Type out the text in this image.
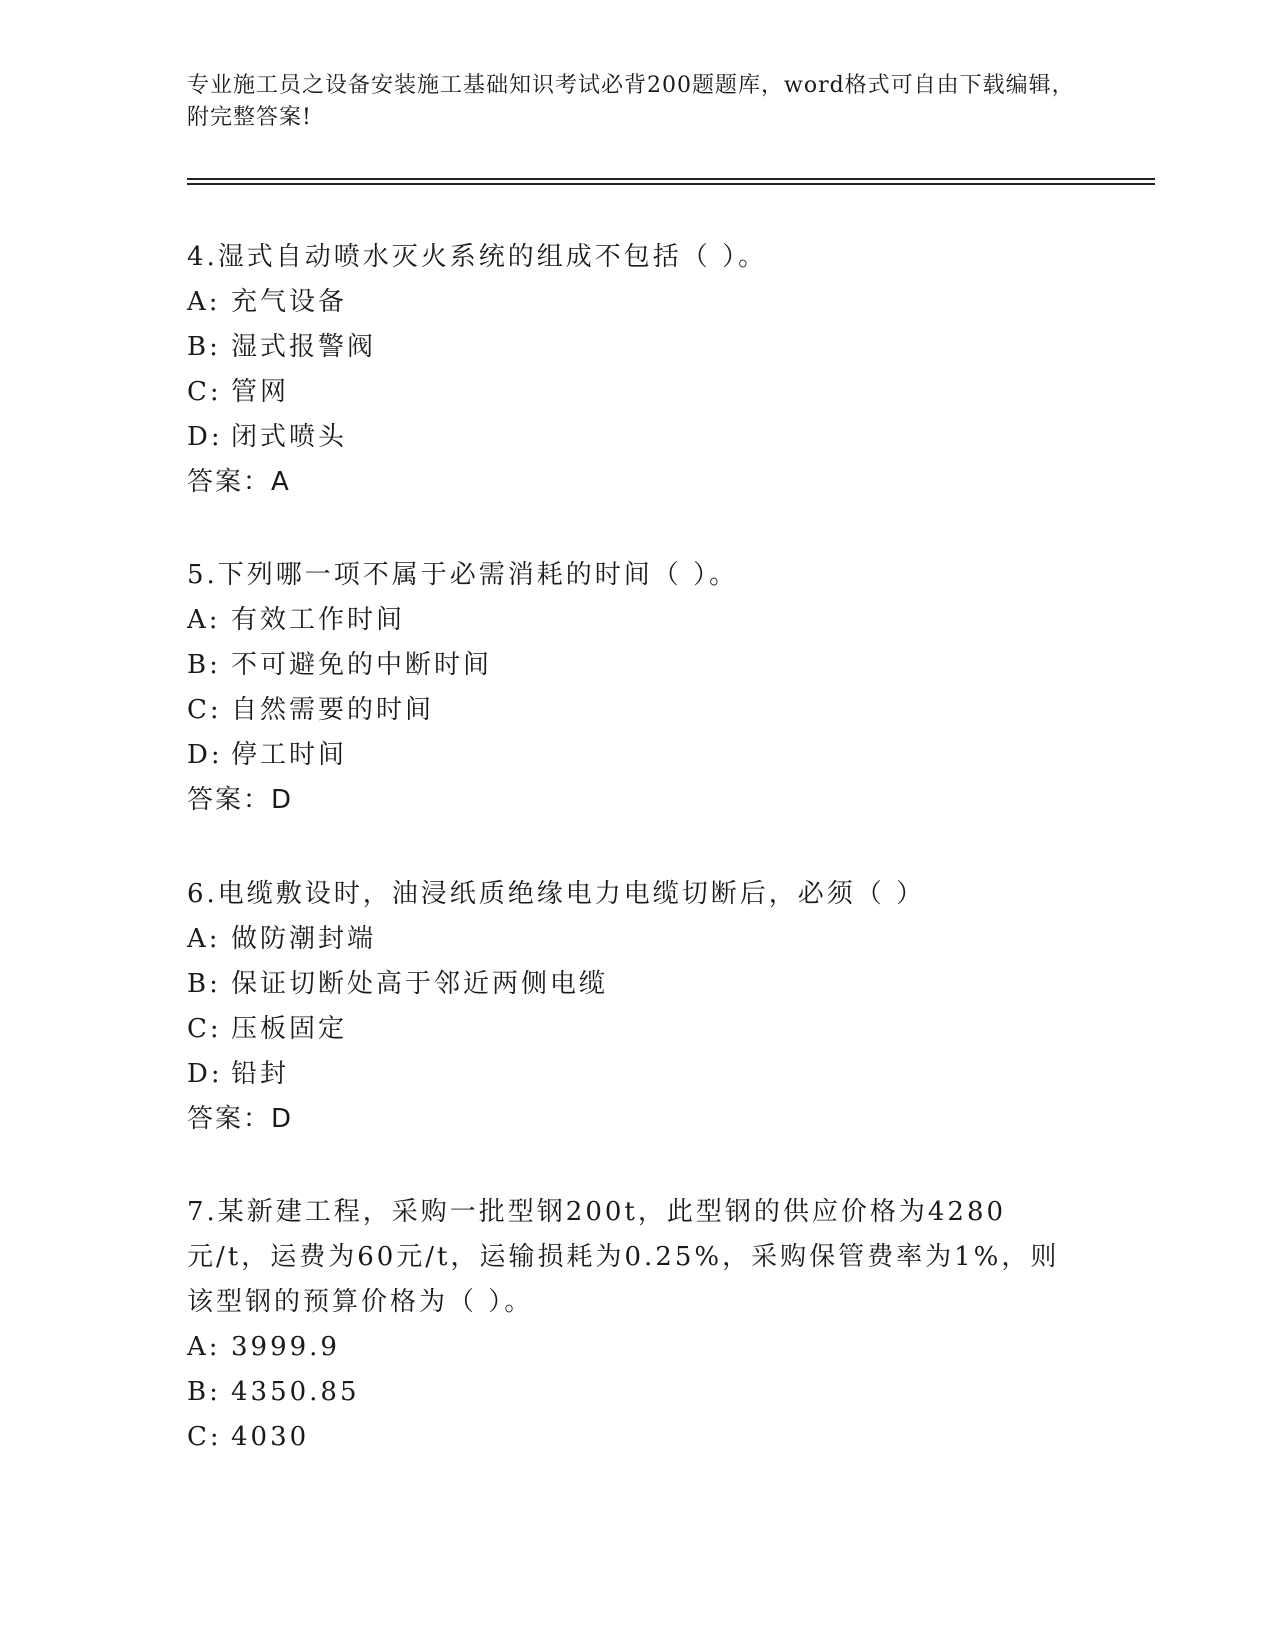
专业施工员之设备安装施工基础知识考试必背200题题库，word格式可自由下载编辑，附完整答案!
4.湿式自动喷水灭火系统的组成不包括（ ）。
A: 充气设备
B: 湿式报警阀
C: 管网
D: 闭式喷头
答案：A
5.下列哪一项不属于必需消耗的时间（ ）。
A: 有效工作时间
B: 不可避免的中断时间
C: 自然需要的时间
D: 停工时间
答案：D
6.电缆敷设时，油浸纸质绝缘电力电缆切断后，必须（ ）
A: 做防潮封端
B: 保证切断处高于邻近两侧电缆
C: 压板固定
D: 铅封
答案：D
7.某新建工程，采购一批型钢200t，此型钢的供应价格为4280元/t，运费为60元/t，运输损耗为0.25%，采购保管费率为1%，则该型钢的预算价格为（ ）。
A: 3999.9
B: 4350.85
C: 4030
